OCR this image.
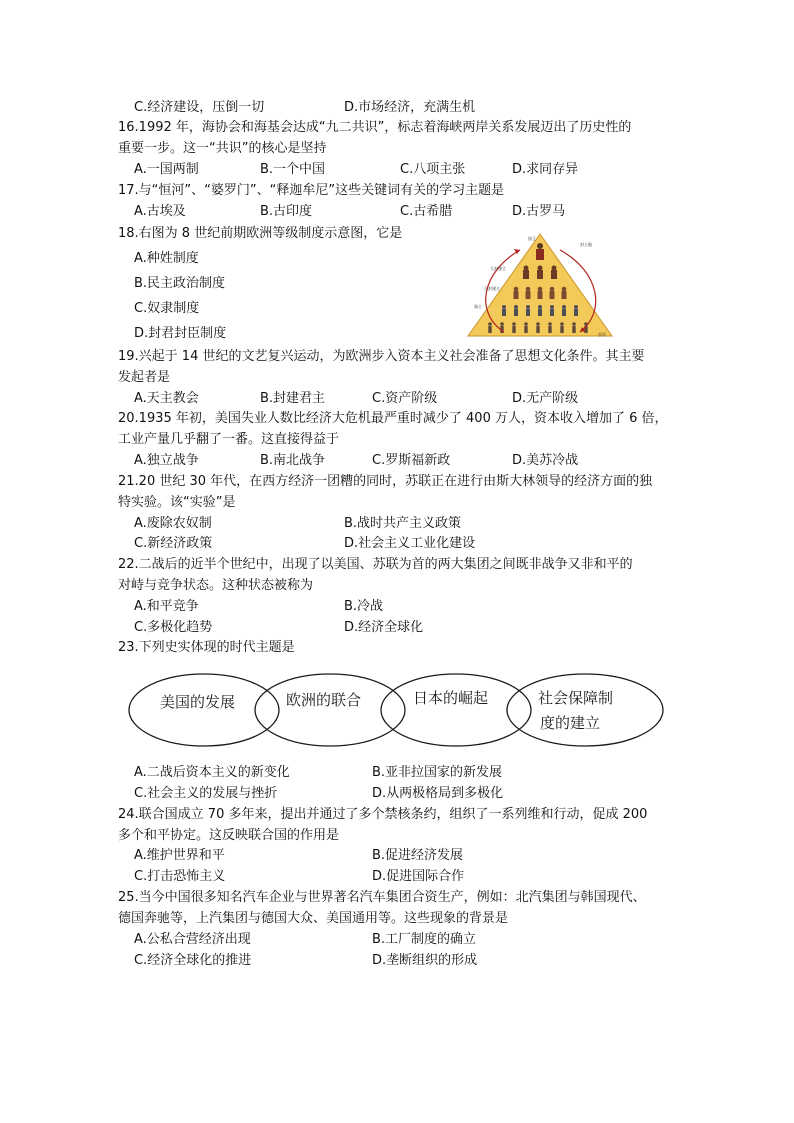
C.经济建设，压倒一切	D.市场经济，充满生机
16.1992 年，海协会和海基会达成“九二共识”，标志着海峡两岸关系发展迈出了历史性的
重要一步。这一“共识”的核心是坚持
A.一国两制	B.一个中国	C.八项主张	D.求同存异
17.与“恒河”、“婆罗门”、“释迦牟尼”这些关键词有关的学习主题是
A.古埃及	B.古印度	C.古希腊	D.古罗马
18.右图为 8 世纪前期欧洲等级制度示意图，它是
A.种姓制度
B.民主政治制度
C.奴隶制度
D.封君封臣制度
国王
封土地
大封建主
小封建主
骑士
农民
19.兴起于 14 世纪的文艺复兴运动，为欧洲步入资本主义社会准备了思想文化条件。其主要
发起者是
A.天主教会	B.封建君主	C.资产阶级	D.无产阶级
20.1935 年初，美国失业人数比经济大危机最严重时减少了 400 万人，资本收入增加了 6 倍，
工业产量几乎翻了一番。这直接得益于
A.独立战争	B.南北战争	C.罗斯福新政	D.美苏冷战
21.20 世纪 30 年代，在西方经济一团糟的同时，苏联正在进行由斯大林领导的经济方面的独
特实验。该“实验”是
A.废除农奴制	B.战时共产主义政策
C.新经济政策	D.社会主义工业化建设
22.二战后的近半个世纪中，出现了以美国、苏联为首的两大集团之间既非战争又非和平的
对峙与竞争状态。这种状态被称为
A.和平竞争	B.冷战
C.多极化趋势	D.经济全球化
23.下列史实体现的时代主题是
美国的发展	欧洲的联合	日本的崛起	社会保障制
度的建立
A.二战后资本主义的新变化	B.亚非拉国家的新发展
C.社会主义的发展与挫折	D.从两极格局到多极化
24.联合国成立 70 多年来，提出并通过了多个禁核条约，组织了一系列维和行动，促成 200
多个和平协定。这反映联合国的作用是
A.维护世界和平	B.促进经济发展
C.打击恐怖主义	D.促进国际合作
25.当今中国很多知名汽车企业与世界著名汽车集团合资生产，例如：北汽集团与韩国现代、
德国奔驰等，上汽集团与德国大众、美国通用等。这些现象的背景是
A.公私合营经济出现	B.工厂制度的确立
C.经济全球化的推进	D.垄断组织的形成
